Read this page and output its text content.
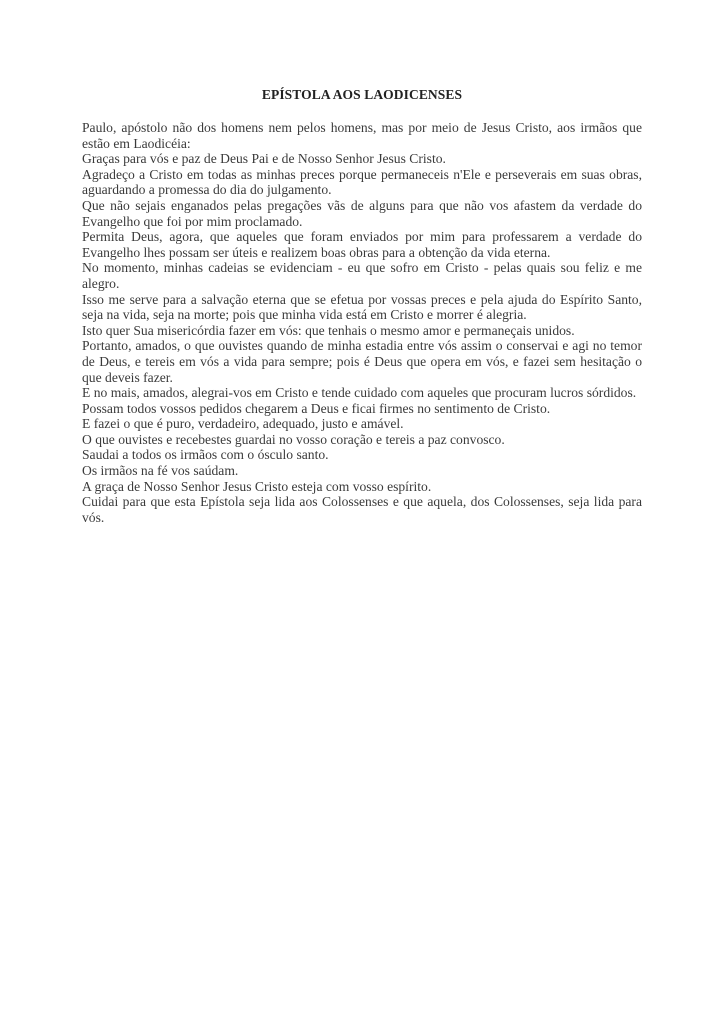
EPÍSTOLA AOS LAODICENSES

Paulo, apóstolo não dos homens nem pelos homens, mas por meio de Jesus Cristo, aos irmãos que estão em Laodicéia:

Graças para vós e paz de Deus Pai e de Nosso Senhor Jesus Cristo.

Agradeço a Cristo em todas as minhas preces porque permaneceis n'Ele e perseverais em suas obras, aguardando a promessa do dia do julgamento.

Que não sejais enganados pelas pregações vãs de alguns para que não vos afastem da verdade do Evangelho que foi por mim proclamado.

Permita Deus, agora, que aqueles que foram enviados por mim para professarem a verdade do Evangelho lhes possam ser úteis e realizem boas obras para a obtenção da vida eterna.

No momento, minhas cadeias se evidenciam - eu que sofro em Cristo - pelas quais sou feliz e me alegro.

Isso me serve para a salvação eterna que se efetua por vossas preces e pela ajuda do Espírito Santo, seja na vida, seja na morte; pois que minha vida está em Cristo e morrer é alegria.

Isto quer Sua misericórdia fazer em vós: que tenhais o mesmo amor e permaneçais unidos.

Portanto, amados, o que ouvistes quando de minha estadia entre vós assim o conservai e agi no temor de Deus, e tereis em vós a vida para sempre; pois é Deus que opera em vós, e fazei sem hesitação o que deveis fazer.

E no mais, amados, alegrai-vos em Cristo e tende cuidado com aqueles que procuram lucros sórdidos.

Possam todos vossos pedidos chegarem a Deus e ficai firmes no sentimento de Cristo.

E fazei o que é puro, verdadeiro, adequado, justo e amável.

O que ouvistes e recebestes guardai no vosso coração e tereis a paz convosco.

Saudai a todos os irmãos com o ósculo santo.

Os irmãos na fé vos saúdam.

A graça de Nosso Senhor Jesus Cristo esteja com vosso espírito.

Cuidai para que esta Epístola seja lida aos Colossenses e que aquela, dos Colossenses, seja lida para vós.
